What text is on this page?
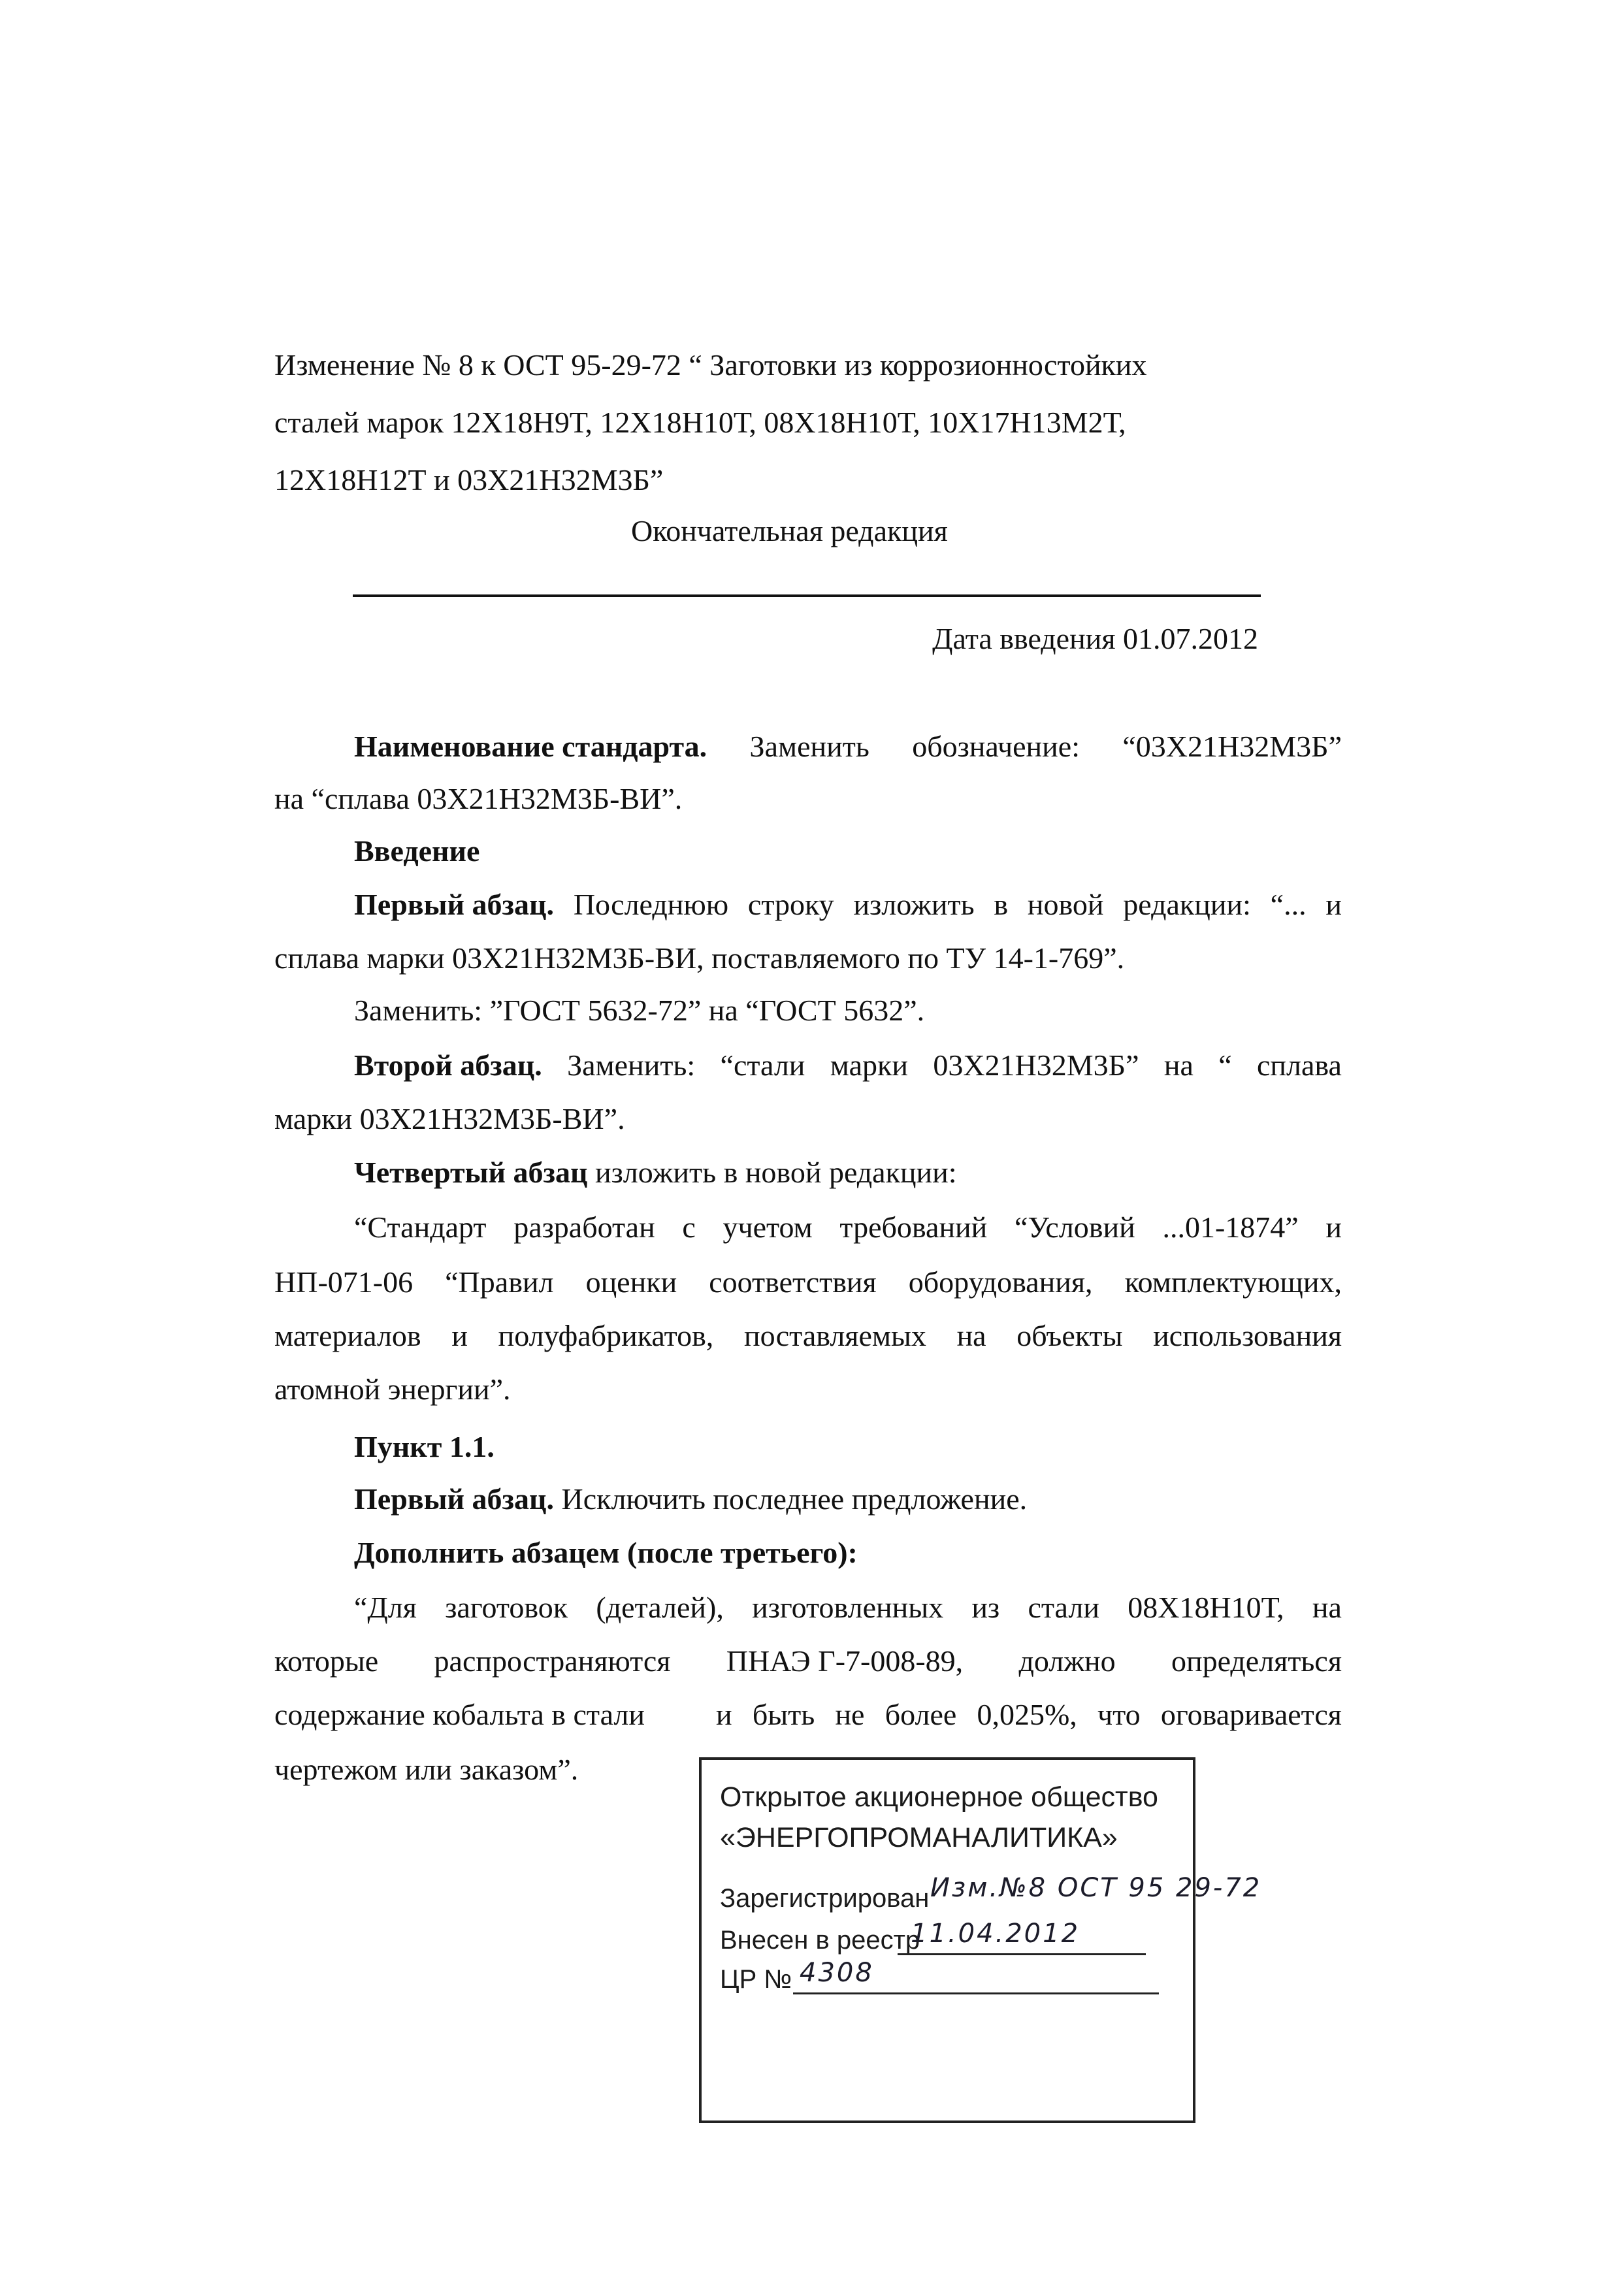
Изменение № 8 к ОСТ 95-29-72 “ Заготовки из коррозионностойких
сталей марок 12Х18Н9Т, 12Х18Н10Т, 08Х18Н10Т, 10Х17Н13М2Т,
12Х18Н12Т и 03Х21Н32М3Б”
Окончательная редакция
Дата введения 01.07.2012
Наименование стандарта. Заменить обозначение: “03Х21Н32М3Б”
на “сплава 03Х21Н32М3Б-ВИ”.
Введение
Первый абзац. Последнюю строку изложить в новой редакции: “... и
сплава марки 03Х21Н32М3Б-ВИ, поставляемого по ТУ 14-1-769”.
Заменить: ”ГОСТ 5632-72” на “ГОСТ 5632”.
Второй абзац. Заменить: “стали марки 03Х21Н32М3Б” на “ сплава
марки 03Х21Н32М3Б-ВИ”.
Четвертый абзац изложить в новой редакции:
“Стандарт разработан с учетом требований “Условий ...01-1874” и
НП-071-06 “Правил оценки соответствия оборудования, комплектующих,
материалов и полуфабрикатов, поставляемых на объекты использования
атомной энергии”.
Пункт 1.1.
Первый абзац. Исключить последнее предложение.
Дополнить абзацем (после третьего):
“Для заготовок (деталей), изготовленных из стали 08Х18Н10Т, на
которые распространяются ПНАЭ Г-7-008-89, должно определяться
содержание кобальта в стали и быть не более 0,025%, что оговаривается
чертежом или заказом”.
Открытое акционерное общество
«ЭНЕРГОПРОМАНАЛИТИКА»
Зарегистрирован Изм.№8 ОСТ 95 29-72
Внесен в реестр
11.04.2012
ЦР № 4308
